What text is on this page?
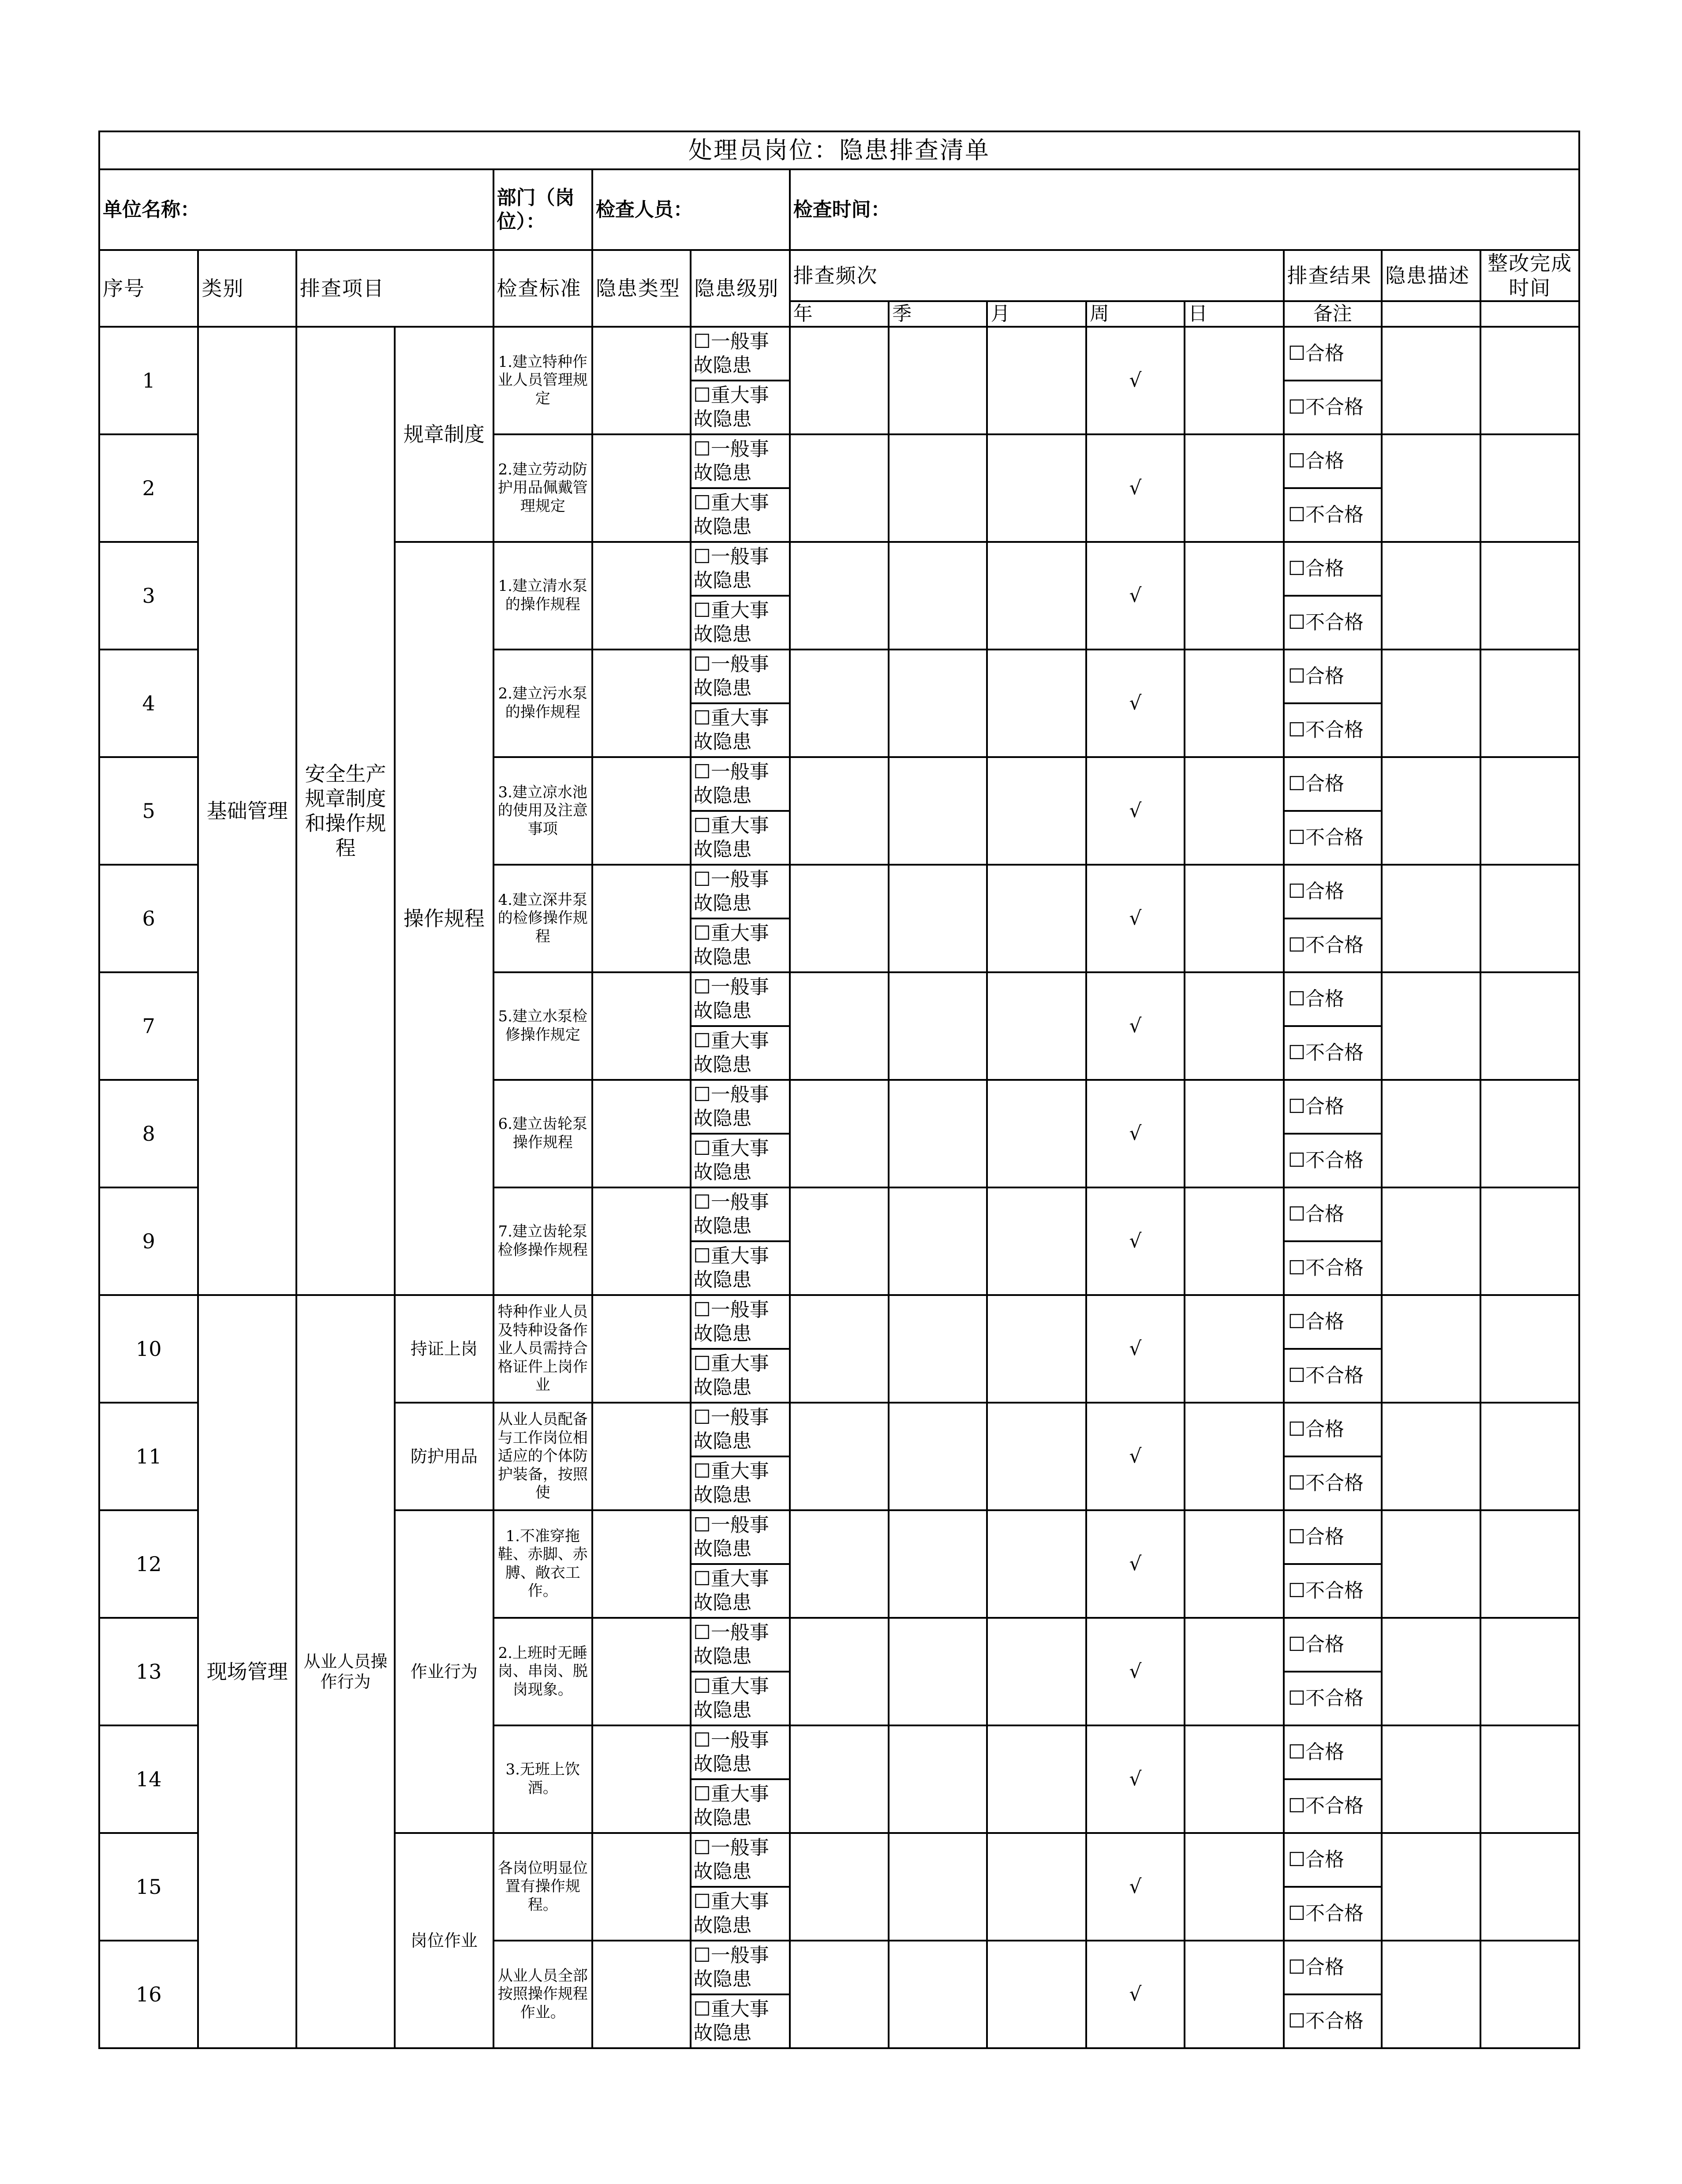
处理员岗位：隐患排查清单														
单位名称：				部门（岗位）：	检查人员：		检查时间：							
序号	类别	排查项目		检查标准	隐患类型	隐患级别	排查频次					排查结果	隐患描述	整改完成时间
							年	季	月	周	日	备注		
1	基础管理	安全生产规章制度和操作规程	规章制度	1.建立特种作业人员管理规定		☐一般事故隐患				√		☐合格		
						☐重大事故隐患						☐不合格		
2				2.建立劳动防护用品佩戴管理规定		☐一般事故隐患				√		☐合格		
						☐重大事故隐患						☐不合格		
3			操作规程	1.建立清水泵的操作规程		☐一般事故隐患				√		☐合格		
						☐重大事故隐患						☐不合格		
4				2.建立污水泵的操作规程		☐一般事故隐患				√		☐合格		
						☐重大事故隐患						☐不合格		
5				3.建立凉水池的使用及注意事项		☐一般事故隐患				√		☐合格		
						☐重大事故隐患						☐不合格		
6				4.建立深井泵的检修操作规程		☐一般事故隐患				√		☐合格		
						☐重大事故隐患						☐不合格		
7				5.建立水泵检修操作规定		☐一般事故隐患				√		☐合格		
						☐重大事故隐患						☐不合格		
8				6.建立齿轮泵操作规程		☐一般事故隐患				√		☐合格		
						☐重大事故隐患						☐不合格		
9				7.建立齿轮泵检修操作规程		☐一般事故隐患				√		☐合格		
						☐重大事故隐患						☐不合格		
10	现场管理	从业人员操作行为	持证上岗	特种作业人员及特种设备作业人员需持合格证件上岗作业		☐一般事故隐患				√		☐合格		
						☐重大事故隐患						☐不合格		
11			防护用品	从业人员配备与工作岗位相适应的个体防护装备，按照使		☐一般事故隐患				√		☐合格		
						☐重大事故隐患						☐不合格		
12			作业行为	1.不准穿拖鞋、赤脚、赤膊、敞衣工作。		☐一般事故隐患				√		☐合格		
						☐重大事故隐患						☐不合格		
13				2.上班时无睡岗、串岗、脱岗现象。		☐一般事故隐患				√		☐合格		
						☐重大事故隐患						☐不合格		
14				3.无班上饮酒。		☐一般事故隐患				√		☐合格		
						☐重大事故隐患						☐不合格		
15			岗位作业	各岗位明显位置有操作规程。		☐一般事故隐患				√		☐合格		
						☐重大事故隐患						☐不合格		
16				从业人员全部按照操作规程作业。		☐一般事故隐患				√		☐合格		
						☐重大事故隐患						☐不合格		
